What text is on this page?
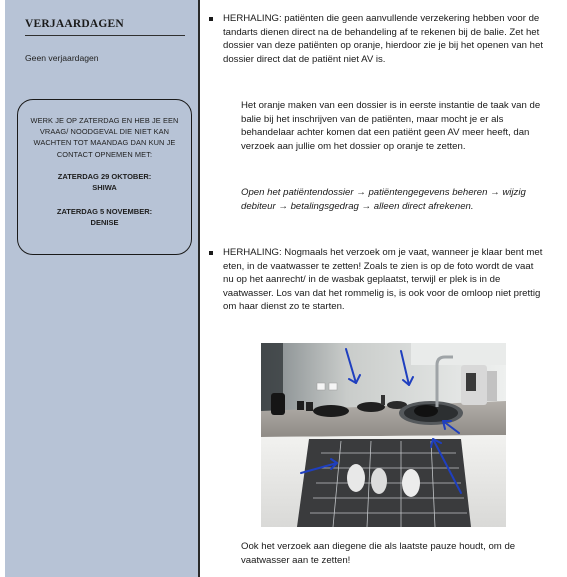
VERJAARDAGEN
Geen verjaardagen
WERK JE OP ZATERDAG EN HEB JE EEN VRAAG/ NOODGEVAL DIE NIET KAN WACHTEN TOT MAANDAG DAN KUN JE CONTACT OPNEMEN MET:
ZATERDAG 29 OKTOBER:
SHIWA
ZATERDAG 5 NOVEMBER:
DENISE

HERHALING: patiënten die geen aanvullende verzekering hebben voor de tandarts dienen direct na de behandeling af te rekenen bij de balie. Zet het dossier van deze patiënten op oranje, hierdoor zie je bij het openen van het dossier direct dat de patiënt niet AV is.

Het oranje maken van een dossier is in eerste instantie de taak van de balie bij het inschrijven van de patiënten, maar mocht je er als behandelaar achter komen dat een patiënt geen AV meer heeft, dan verzoek aan jullie om het dossier op oranje te zetten.

Open het patiëntendossier → patiëntengegevens beheren → wijzig debiteur → betalingsgedrag → alleen direct afrekenen.

HERHALING: Nogmaals het verzoek om je vaat, wanneer je klaar bent met eten, in de vaatwasser te zetten! Zoals te zien is op de foto wordt de vaat nu op het aanrecht/ in de wasbak geplaatst, terwijl er plek is in de vaatwasser. Los van dat het rommelig is, is ook voor de omloop niet prettig om haar dienst zo te starten.

Ook het verzoek aan diegene die als laatste pauze houdt, om de vaatwasser aan te zetten!
